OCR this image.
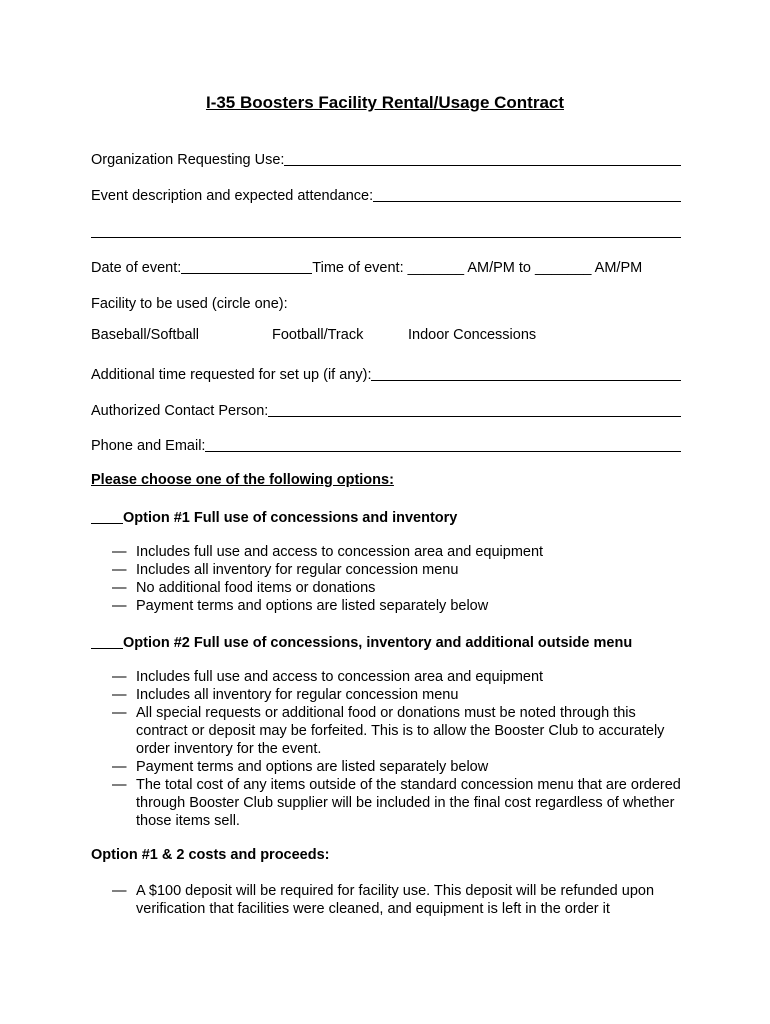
I-35 Boosters Facility Rental/Usage Contract
Organization Requesting Use:
Event description and expected attendance:
Date of event:	Time of event: _______ AM/PM to _______ AM/PM
Facility to be used (circle one):
Baseball/Softball	Football/Track	Indoor Concessions
Additional time requested for set up (if any):
Authorized Contact Person:
Phone and Email:
Please choose one of the following options:
Option #1 Full use of concessions and inventory
— Includes full use and access to concession area and equipment
— Includes all inventory for regular concession menu
— No additional food items or donations
— Payment terms and options are listed separately below
Option #2 Full use of concessions, inventory and additional outside menu
— Includes full use and access to concession area and equipment
— Includes all inventory for regular concession menu
— All special requests or additional food or donations must be noted through this contract or deposit may be forfeited. This is to allow the Booster Club to accurately order inventory for the event.
— Payment terms and options are listed separately below
— The total cost of any items outside of the standard concession menu that are ordered through Booster Club supplier will be included in the final cost regardless of whether those items sell.
Option #1 & 2 costs and proceeds:
— A $100 deposit will be required for facility use. This deposit will be refunded upon verification that facilities were cleaned, and equipment is left in the order it
